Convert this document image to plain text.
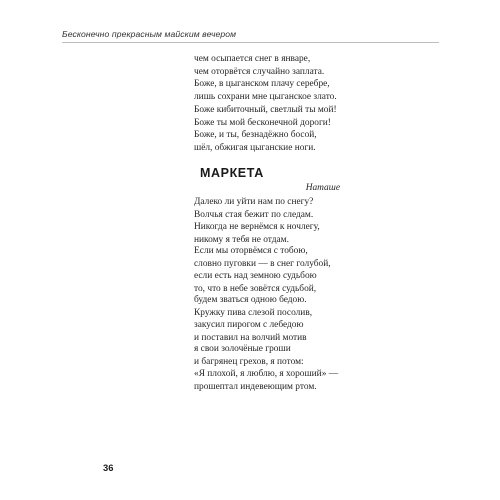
Бесконечно прекрасным майским вечером
чем осыпается снег в январе,
чем оторвётся случайно заплата.
Боже, в цыганском плачу серебре,
лишь сохрани мне цыганское злато.
Боже кибиточный, светлый ты мой!
Боже ты мой бесконечной дороги!
Боже, и ты, безнадёжно босой,
шёл, обжигая цыганские ноги.
МАРКЕТА
Наташе
Далеко ли уйти нам по снегу?
Волчья стая бежит по следам.
Никогда не вернёмся к ночлегу,
никому я тебя не отдам.
Если мы оторвёмся с тобою,
словно пуговки — в снег голубой,
если есть над земною судьбою
то, что в небе зовётся судьбой,
будем зваться одною бедою.
Кружку пива слезой посолив,
закусил пирогом с лебедою
и поставил на волчий мотив
я свои золочёные гроши
и багрянец грехов, я потом:
«Я плохой, я люблю, я хороший» —
прошептал индевеющим ртом.
36
